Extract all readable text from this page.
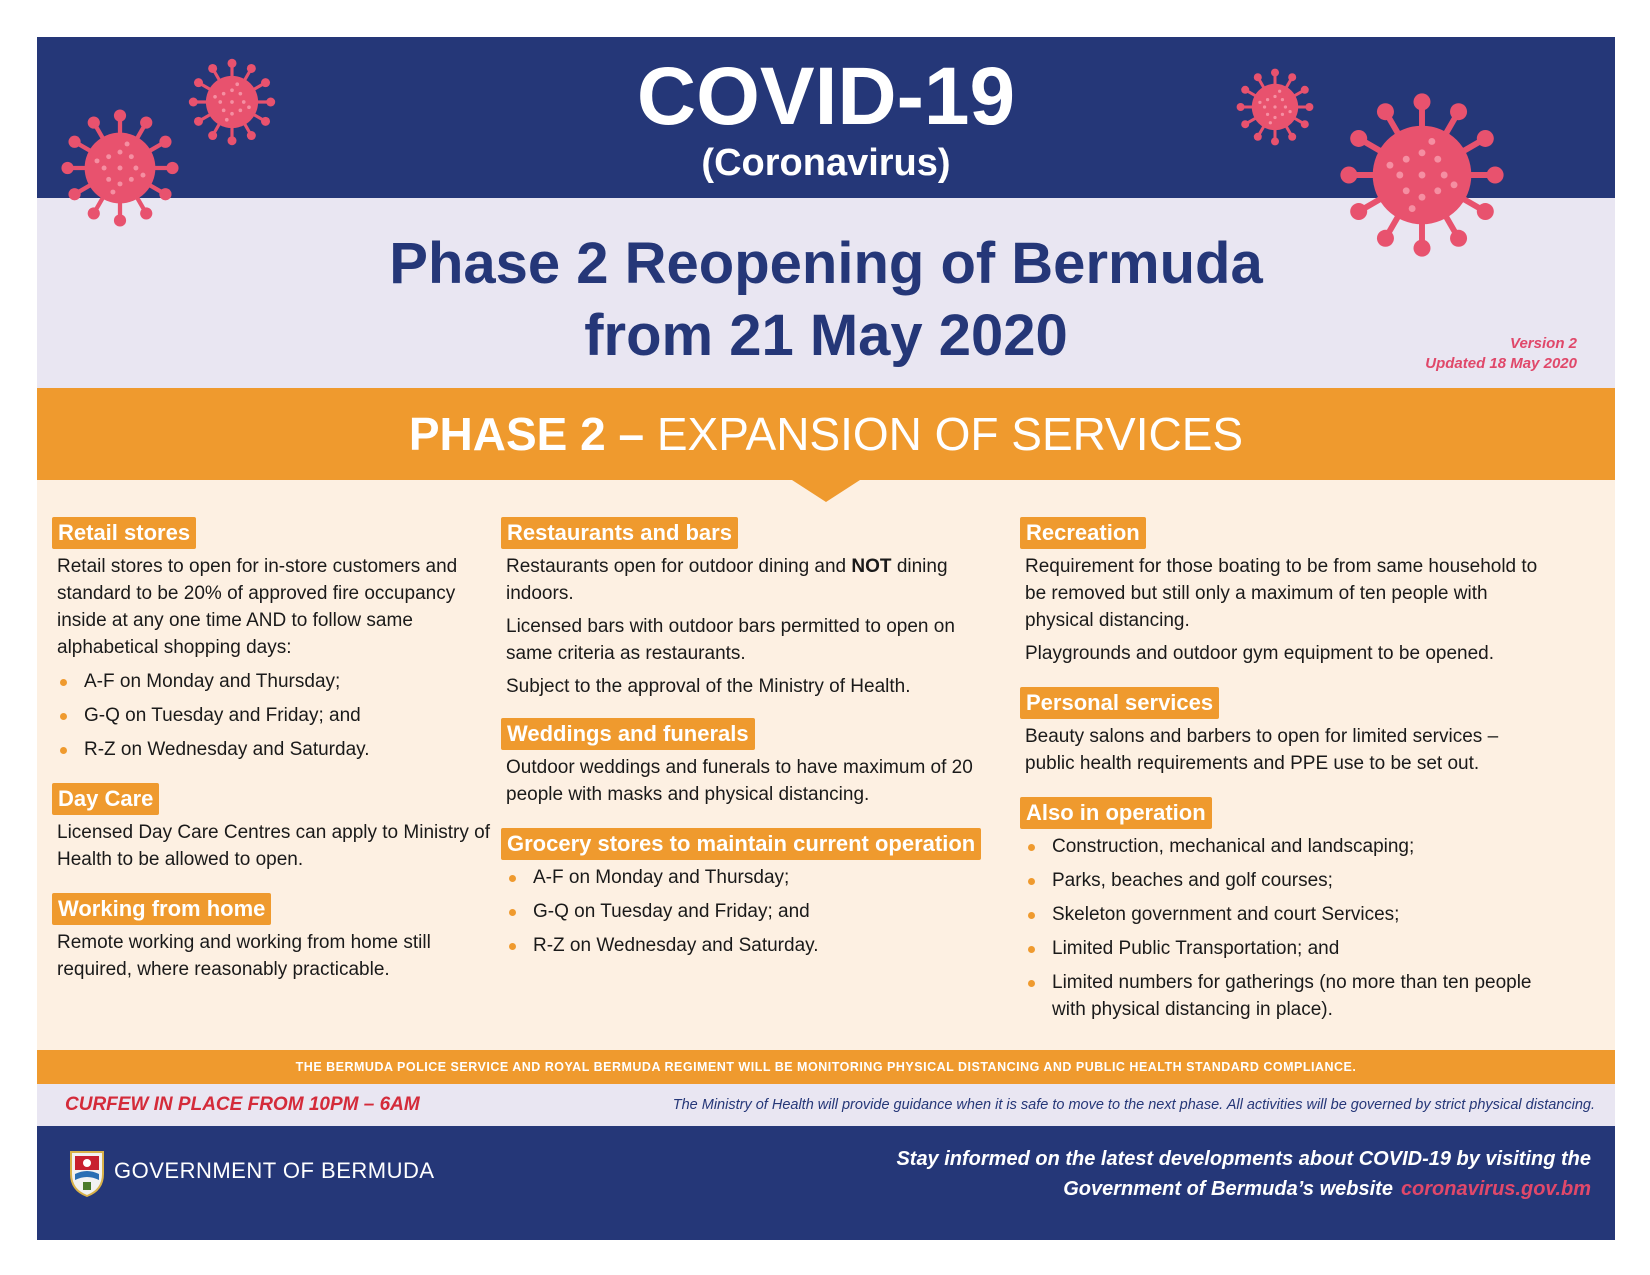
COVID-19
(Coronavirus)
Phase 2 Reopening of Bermuda
from 21 May 2020	Version 2
Updated 18 May 2020
PHASE 2 – EXPANSION OF SERVICES
Retail stores

Retail stores to open for in-store customers and standard to be 20% of approved fire occupancy inside at any one time AND to follow same alphabetical shopping days:

A-F on Monday and Thursday;

G-Q on Tuesday and Friday; and

R-Z on Wednesday and Saturday.

Day Care

Licensed Day Care Centres can apply to Ministry of Health to be allowed to open.

Working from home

Remote working and working from home still required, where reasonably practicable.

Restaurants and bars

Restaurants open for outdoor dining and NOT dining indoors.

Licensed bars with outdoor bars permitted to open on same criteria as restaurants.

Subject to the approval of the Ministry of Health.

Weddings and funerals

Outdoor weddings and funerals to have maximum of 20 people with masks and physical distancing.

Grocery stores to maintain current operation

A-F on Monday and Thursday;

G-Q on Tuesday and Friday; and

R-Z on Wednesday and Saturday.

Recreation

Requirement for those boating to be from same household to be removed but still only a maximum of ten people with physical distancing.

Playgrounds and outdoor gym equipment to be opened.

Personal services

Beauty salons and barbers to open for limited services – public health requirements and PPE use to be set out.

Also in operation

Construction, mechanical and landscaping;

Parks, beaches and golf courses;

Skeleton government and court Services;

Limited Public Transportation; and

Limited numbers for gatherings (no more than ten people with physical distancing in place).

THE BERMUDA POLICE SERVICE AND ROYAL BERMUDA REGIMENT WILL BE MONITORING PHYSICAL DISTANCING AND PUBLIC HEALTH STANDARD COMPLIANCE.
CURFEW IN PLACE FROM 10PM – 6AM	The Ministry of Health will provide guidance when it is safe to move to the next phase. All activities will be governed by strict physical distancing.
GOVERNMENT OF BERMUDA	Stay informed on the latest developments about COVID-19 by visiting the
Government of Bermuda’s website coronavirus.gov.bm
